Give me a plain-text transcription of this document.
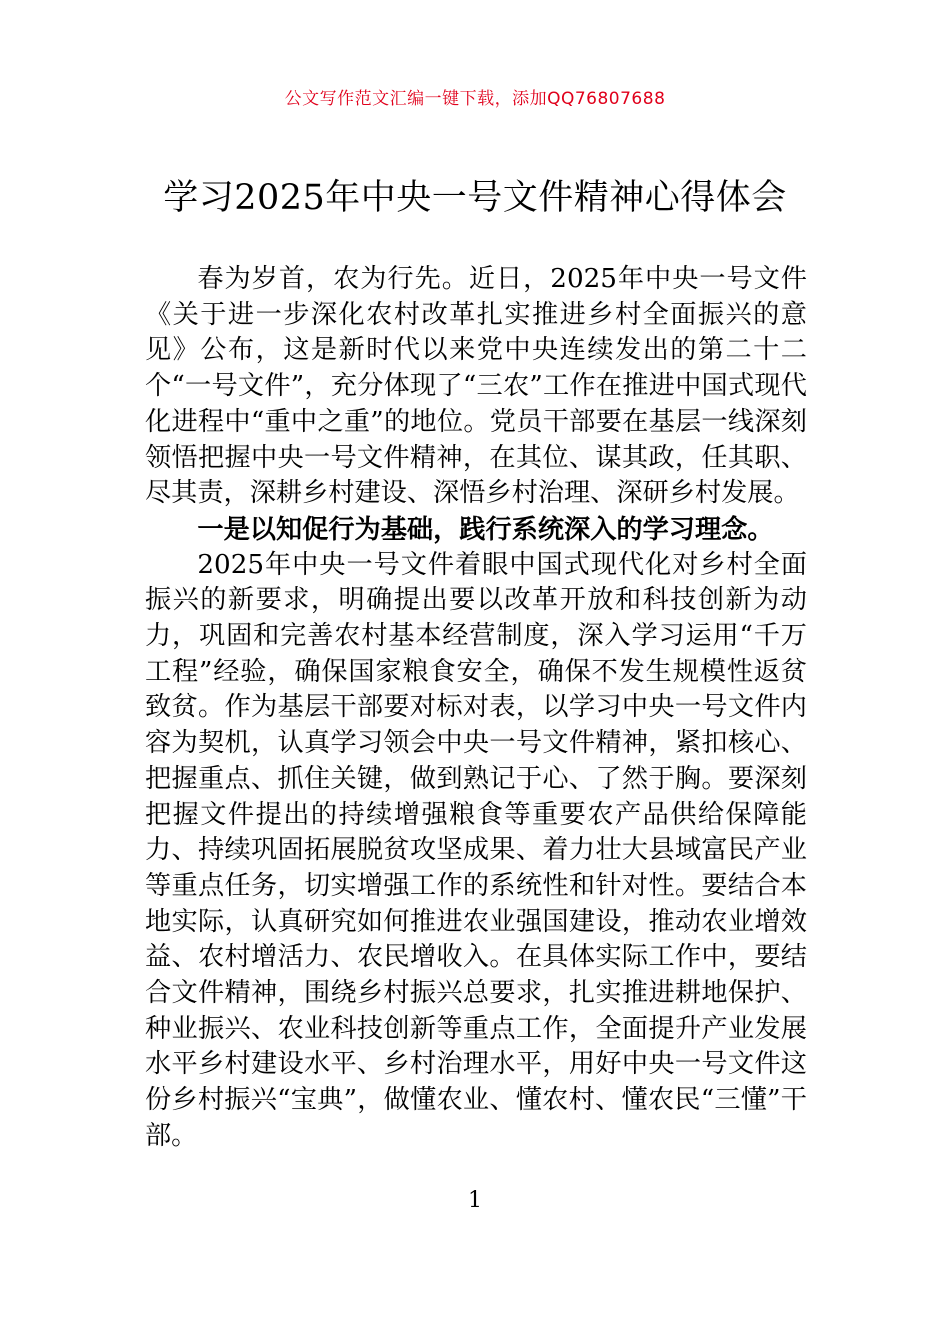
公文写作范文汇编一键下载，添加QQ76807688
学习2025年中央一号文件精神心得体会

春为岁首，农为行先。近日，2025年中央一号文件《关于进一步深化农村改革扎实推进乡村全面振兴的意见》公布，这是新时代以来党中央连续发出的第二十二个“一号文件”，充分体现了“三农”工作在推进中国式现代化进程中“重中之重”的地位。党员干部要在基层一线深刻领悟把握中央一号文件精神，在其位、谋其政，任其职、尽其责，深耕乡村建设、深悟乡村治理、深研乡村发展。

一是以知促行为基础，践行系统深入的学习理念。

2025年中央一号文件着眼中国式现代化对乡村全面振兴的新要求，明确提出要以改革开放和科技创新为动力，巩固和完善农村基本经营制度，深入学习运用“千万工程”经验，确保国家粮食安全，确保不发生规模性返贫致贫。作为基层干部要对标对表，以学习中央一号文件内容为契机，认真学习领会中央一号文件精神，紧扣核心、把握重点、抓住关键，做到熟记于心、了然于胸。要深刻把握文件提出的持续增强粮食等重要农产品供给保障能力、持续巩固拓展脱贫攻坚成果、着力壮大县域富民产业等重点任务，切实增强工作的系统性和针对性。要结合本地实际，认真研究如何推进农业强国建设，推动农业增效益、农村增活力、农民增收入。在具体实际工作中，要结合文件精神，围绕乡村振兴总要求，扎实推进耕地保护、种业振兴、农业科技创新等重点工作，全面提升产业发展水平乡村建设水平、乡村治理水平，用好中央一号文件这份乡村振兴“宝典”，做懂农业、懂农村、懂农民“三懂”干部。

1
